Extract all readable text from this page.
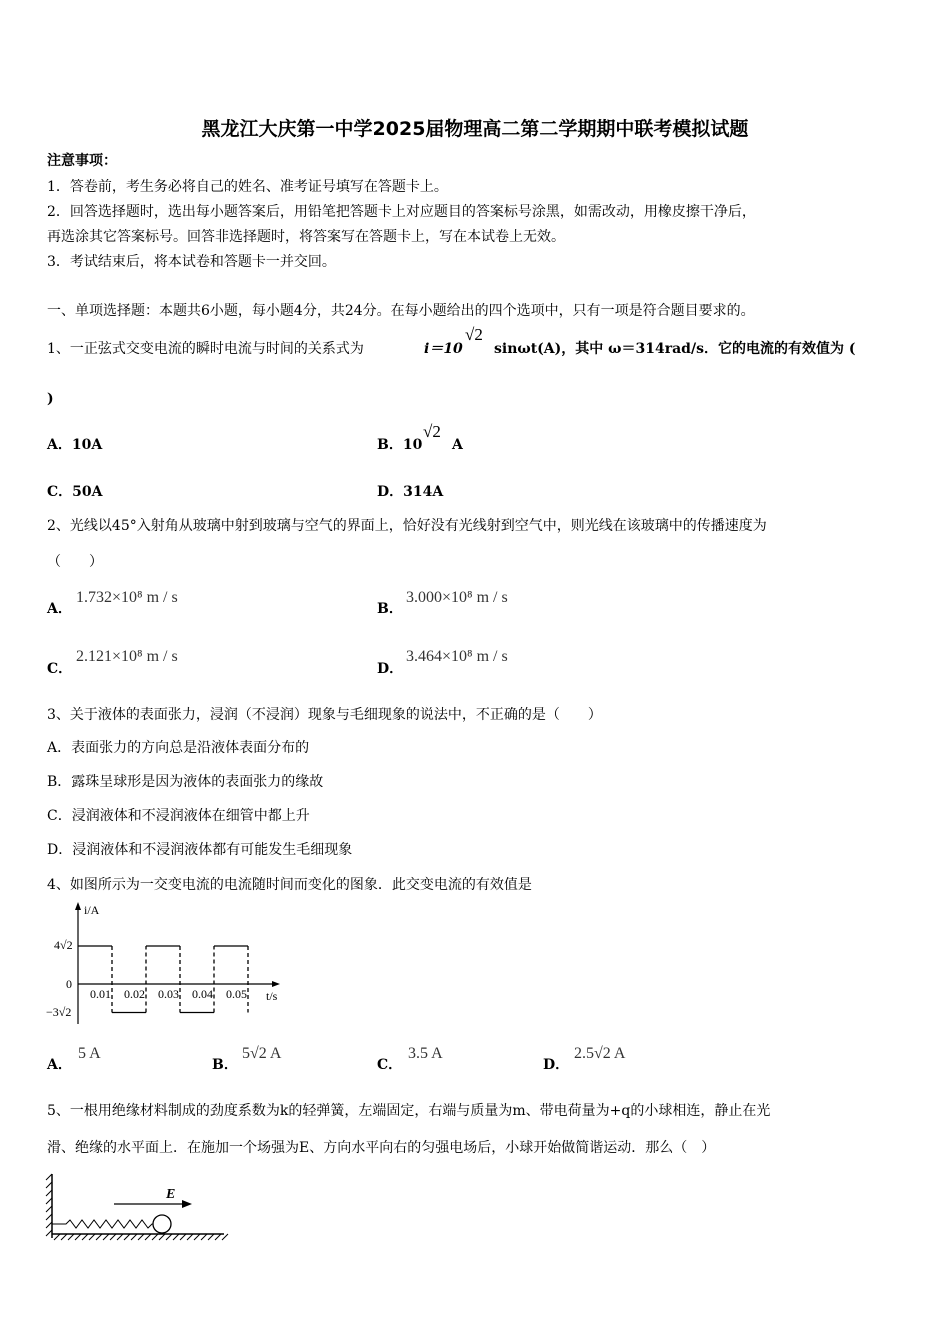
黑龙江大庆第一中学2025届物理高二第二学期期中联考模拟试题
注意事项：
1．答卷前，考生务必将自己的姓名、准考证号填写在答题卡上。
2．回答选择题时，选出每小题答案后，用铅笔把答题卡上对应题目的答案标号涂黑，如需改动，用橡皮擦干净后，
再选涂其它答案标号。回答非选择题时，将答案写在答题卡上，写在本试卷上无效。
3．考试结束后，将本试卷和答题卡一并交回。
一、单项选择题：本题共6小题，每小题4分，共24分。在每小题给出的四个选项中，只有一项是符合题目要求的。
1、一正弦式交变电流的瞬时电流与时间的关系式为	i＝10
√2
sinωt(A)，其中 ω＝314rad/s．它的电流的有效值为 (
)
A．10A	B．10
√2
A
C．50A	D．314A
2、光线以45°入射角从玻璃中射到玻璃与空气的界面上，恰好没有光线射到空气中，则光线在该玻璃中的传播速度为
（　　）
A．
1.732×10⁸ m / s
B．
3.000×10⁸ m / s
C．
2.121×10⁸ m / s
D．
3.464×10⁸ m / s
3、关于液体的表面张力，浸润（不浸润）现象与毛细现象的说法中，不正确的是（　　）
A．表面张力的方向总是沿液体表面分布的
B．露珠呈球形是因为液体的表面张力的缘故
C．浸润液体和不浸润液体在细管中都上升
D．浸润液体和不浸润液体都有可能发生毛细现象
4、如图所示为一交变电流的电流随时间而变化的图象．此交变电流的有效值是
i/A
t/s
4√2
0
−3√2
0.01 0.02 0.03 0.04 0.05
A．
5 A
B．
5√2 A
C．
3.5 A
D．
2.5√2 A
5、一根用绝缘材料制成的劲度系数为k的轻弹簧，左端固定，右端与质量为m、带电荷量为+q的小球相连，静止在光
滑、绝缘的水平面上．在施加一个场强为E、方向水平向右的匀强电场后，小球开始做简谐运动．那么（　）
E
